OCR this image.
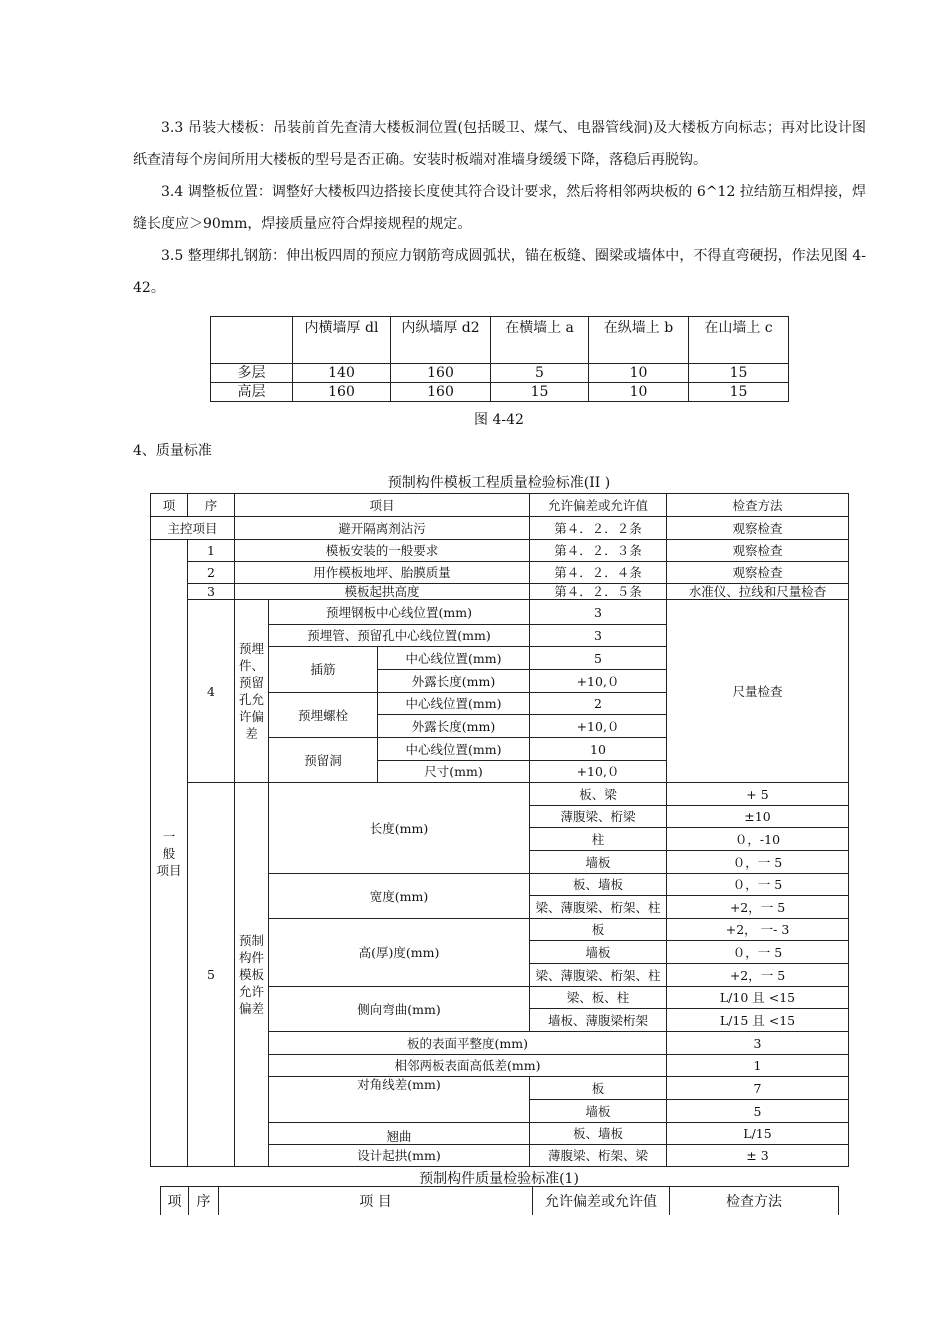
3.3 吊装大楼板：吊装前首先查清大楼板洞位置(包括暖卫、煤气、电器管线洞)及大楼板方向标志；再对比设计图纸查清每个房间所用大楼板的型号是否正确。安装时板端对准墙身缓缓下降，落稳后再脱钩。

3.4 调整板位置：调整好大楼板四边搭接长度使其符合设计要求，然后将相邻两块板的 6^12 拉结筋互相焊接，焊缝长度应＞90mm，焊接质量应符合焊接规程的规定。

3.5 整理绑扎钢筋：伸出板四周的预应力钢筋弯成圆弧状，锚在板缝、圈梁或墙体中，不得直弯硬拐，作法见图 4-42。

	内横墙厚 dl	内纵墙厚 d2	在横墙上 a	在纵墙上 b	在山墙上 c
多层	140	160	5	10	15
高层	160	160	15	10	15
图 4-42
4、质量标准
预制构件模板工程质量检验标准(II )
项	序	项目			允许偏差或允许值	检查方法	
主控项目		避开隔离剂沾污			第４．２．２条	观察检查	
一
般
项目	1	模板安装的一般要求			第４．２．３条	观察检查	
	2	用作模板地坪、胎膜质量			第４．２．４条	观察检查	
	3	模板起拱高度			第４．２．５条	水准仪、拉线和尺量检杳	
	4	预埋件、预留孔允许偏差	预埋钢板中心线位置(mm)		3	尺量检查	
			预埋管、预留孔中心线位置(mm)		3		
			插筋	中心线位置(mm)	5		
				外露长度(mm)	+10,０		
			预埋螺栓	中心线位置(mm)	2		
				外露长度(mm)	+10,０		
			预留洞	中心线位置(mm)	10		
				尺寸(mm)	+10,０		
	5	预制构件模板允许偏差	长度(mm)		板、梁	+ 5	
					薄腹梁、桁梁	±10	
					柱	０，-10	
					墙板	０，一 5	
			宽度(mm)		板、墙板	０，一 5	
					梁、薄腹梁、桁架、柱	+2，一 5	
			高(厚)度(mm)		板	+2， 一- 3	
					墙板	０，一 5	
					梁、薄腹梁、桁架、柱	+2，一 5	
			侧向弯曲(mm)		梁、板、柱	L/10 且 <15	
					墙板、薄腹梁桁架	L/15 且 <15	
			板的表面平整度(mm)			3	
			相邻两板表面高低差(mm)			1	
			对角线差(mm)		板	7	
					墙板	5	
			翘曲		板、墙板	L/15	
			设计起拱(mm)		薄腹梁、桁架、梁	± 3	
预制构件质量检验标准(1)
项	序	项 目	允许偏差或允许值	检查方法
